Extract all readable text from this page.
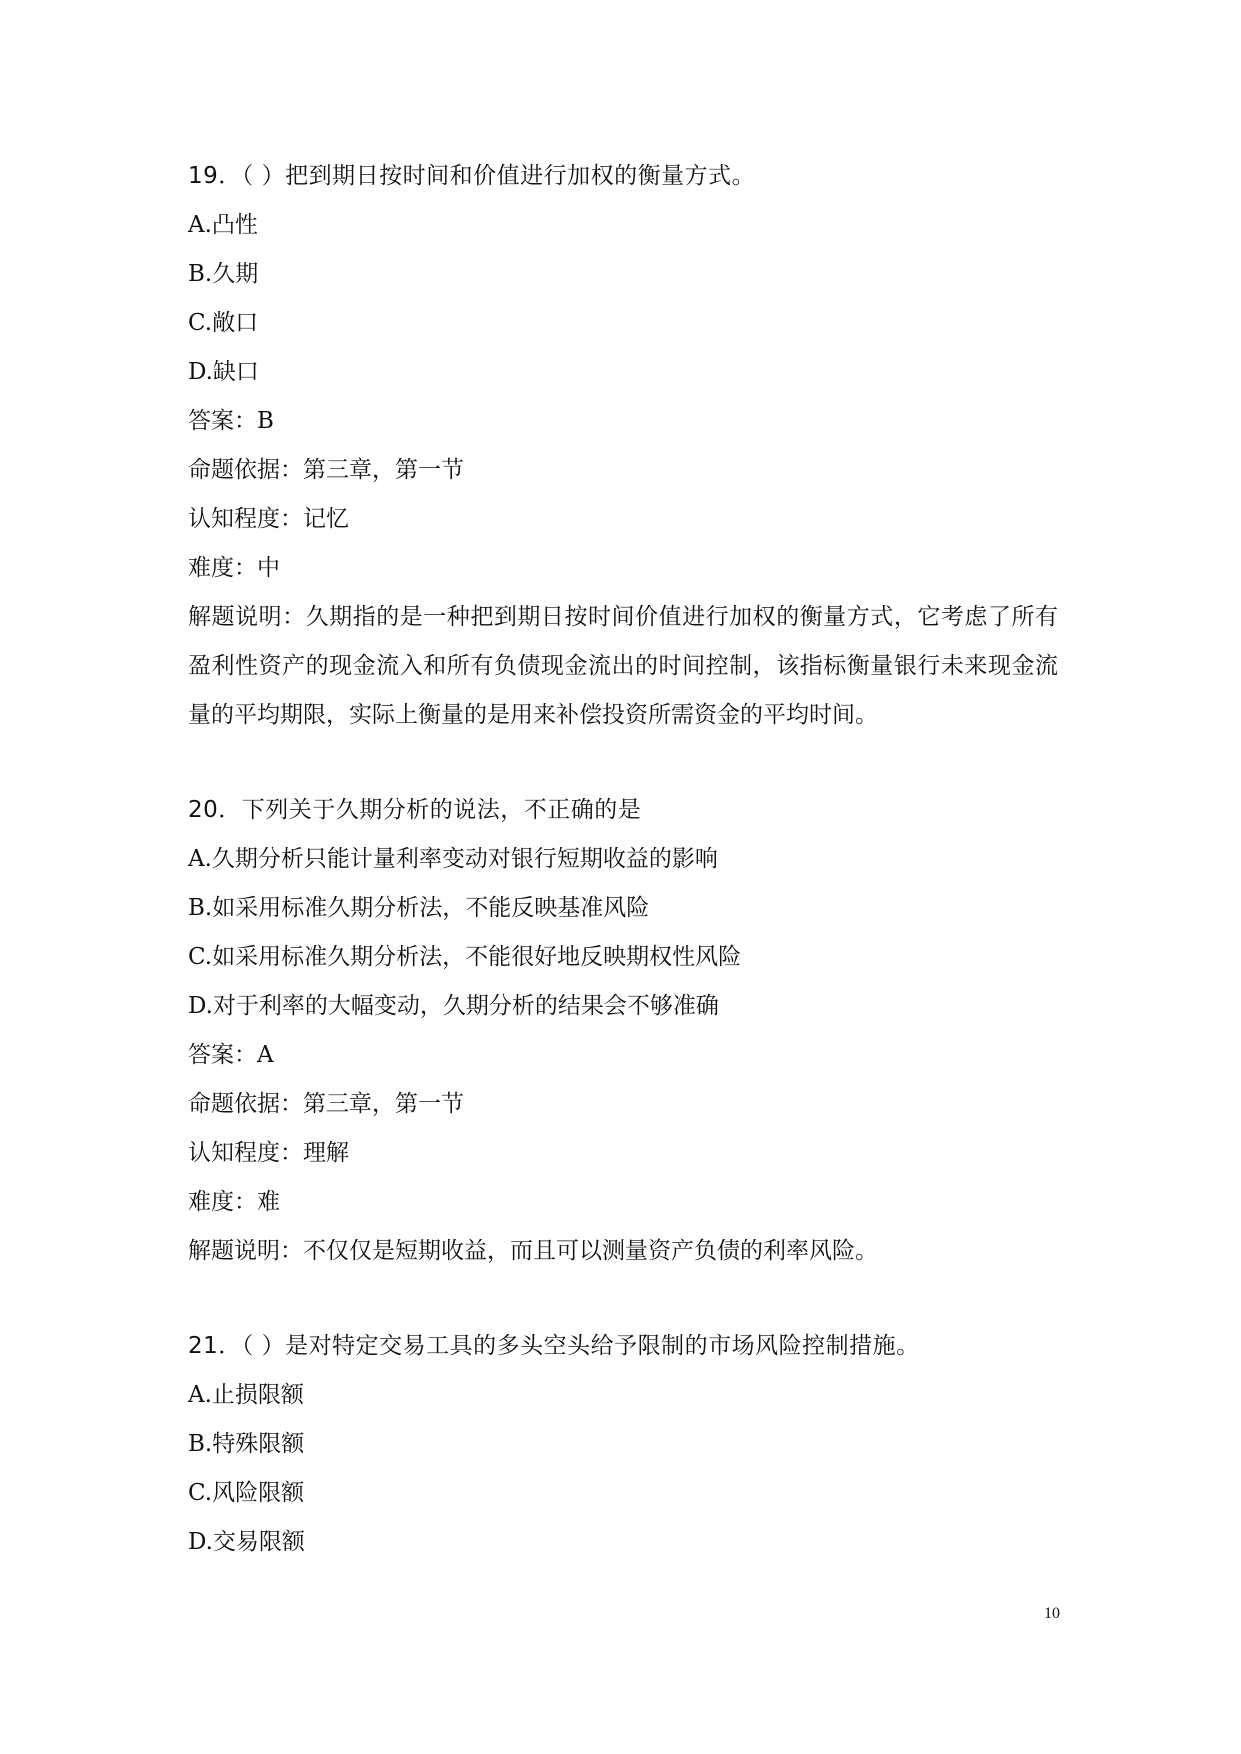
19．（ ）把到期日按时间和价值进行加权的衡量方式。
A.凸性
B.久期
C.敞口
D.缺口
答案：B
命题依据：第三章，第一节
认知程度：记忆
难度：中
解题说明：久期指的是一种把到期日按时间价值进行加权的衡量方式，它考虑了所有盈利性资产的现金流入和所有负债现金流出的时间控制，该指标衡量银行未来现金流量的平均期限，实际上衡量的是用来补偿投资所需资金的平均时间。
20．下列关于久期分析的说法，不正确的是
A.久期分析只能计量利率变动对银行短期收益的影响
B.如采用标准久期分析法，不能反映基准风险
C.如采用标准久期分析法，不能很好地反映期权性风险
D.对于利率的大幅变动，久期分析的结果会不够准确
答案：A
命题依据：第三章，第一节
认知程度：理解
难度：难
解题说明：不仅仅是短期收益，而且可以测量资产负债的利率风险。
21．（ ）是对特定交易工具的多头空头给予限制的市场风险控制措施。
A.止损限额
B.特殊限额
C.风险限额
D.交易限额
10
